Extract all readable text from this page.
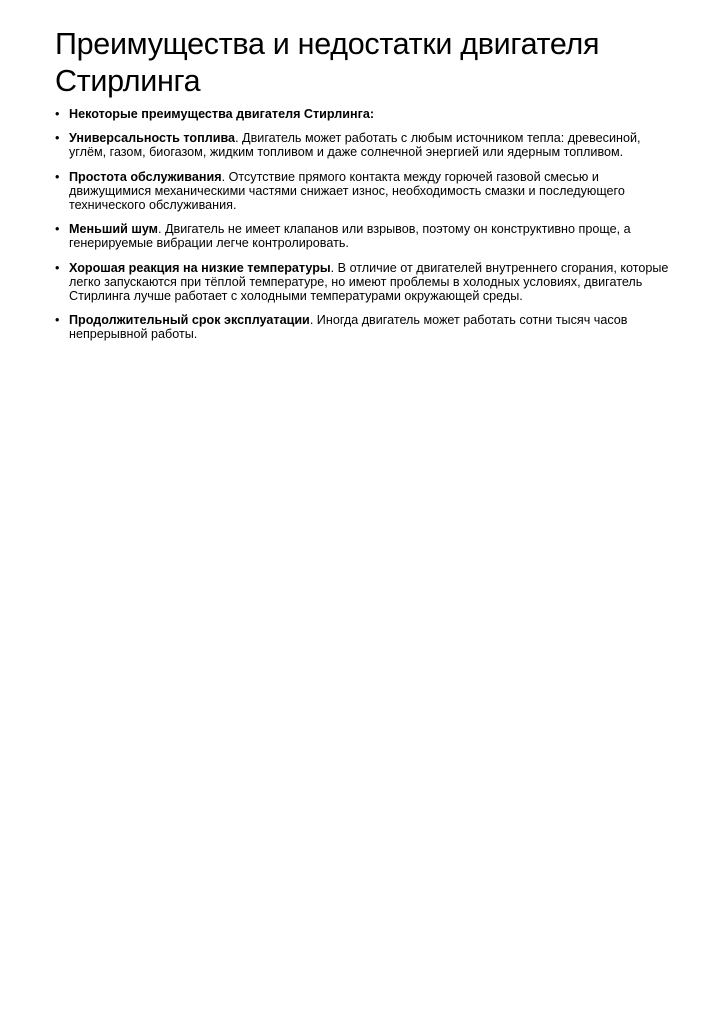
Преимущества и недостатки двигателя Стирлинга
• Некоторые преимущества двигателя Стирлинга:
• Универсальность топлива. Двигатель может работать с любым источником тепла: древесиной, углём, газом, биогазом, жидким топливом и даже солнечной энергией или ядерным топливом.
• Простота обслуживания. Отсутствие прямого контакта между горючей газовой смесью и движущимися механическими частями снижает износ, необходимость смазки и последующего технического обслуживания.
• Меньший шум. Двигатель не имеет клапанов или взрывов, поэтому он конструктивно проще, а генерируемые вибрации легче контролировать.
• Хорошая реакция на низкие температуры. В отличие от двигателей внутреннего сгорания, которые легко запускаются при тёплой температуре, но имеют проблемы в холодных условиях, двигатель Стирлинга лучше работает с холодными температурами окружающей среды.
• Продолжительный срок эксплуатации. Иногда двигатель может работать сотни тысяч часов непрерывной работы.
